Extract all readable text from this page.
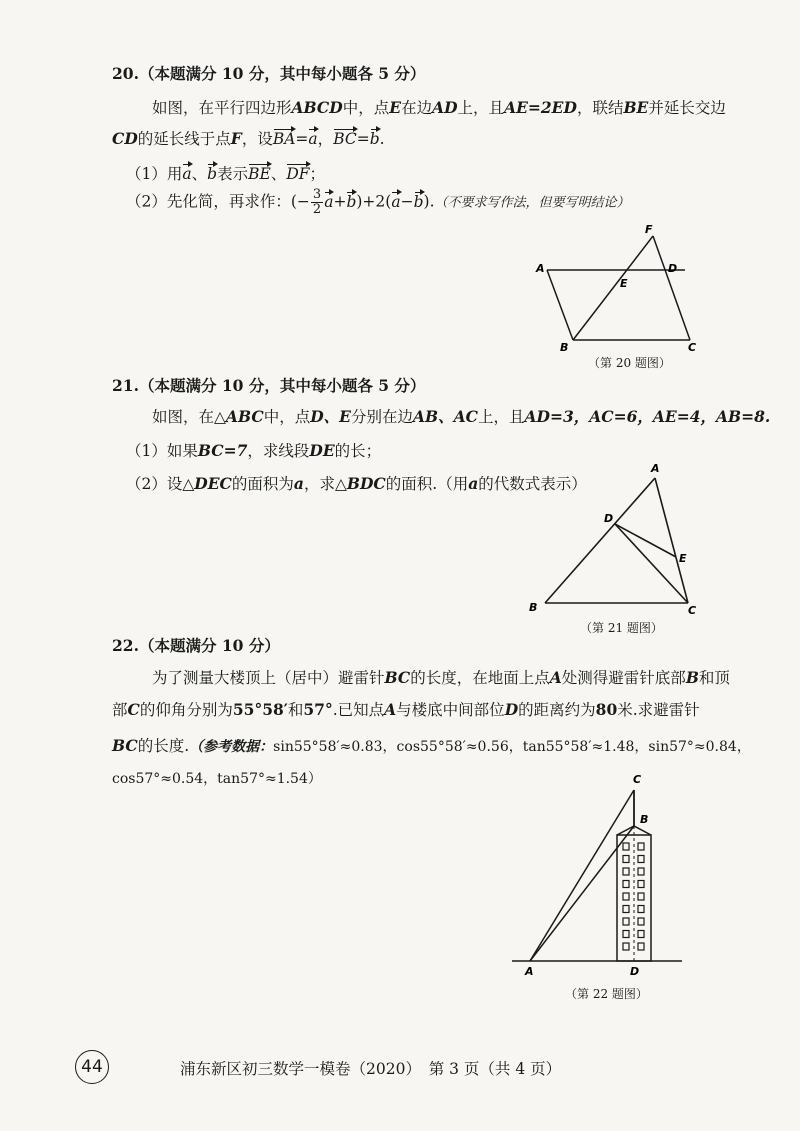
20.（本题满分 10 分，其中每小题各 5 分）
如图，在平行四边形ABCD中，点E在边AD上，且AE=2ED，联结BE并延长交边
CD的延长线于点F，设BA=a，BC=b.
（1）用a、b表示BE、DF；
（2）先化简，再求作：(− $\frac{3}{2} a+b)+2(a-b)$.（不要求写作法，但要写明结论）
A	D
E
F
B	C
（第 20 题图）
21.（本题满分 10 分，其中每小题各 5 分）
如图，在△ABC中，点D、E分别在边AB、AC上，且AD=3，AC=6，AE=4，AB=8.
（1）如果BC=7，求线段DE的长；
（2）设△DEC的面积为a，求△BDC的面积.（用a的代数式表示）
A
D
E
B	C
（第 21 题图）
22.（本题满分 10 分）
为了测量大楼顶上（居中）避雷针BC的长度，在地面上点A处测得避雷针底部B和顶
部C的仰角分别为55°58′和57°.已知点A与楼底中间部位D的距离约为80米.求避雷针
BC的长度.（参考数据：sin55°58′≈0.83，cos55°58′≈0.56，tan55°58′≈1.48，sin57°≈0.84，
cos57°≈0.54，tan57°≈1.54）	C
B
A	D
（第 22 题图）
44	浦东新区初三数学一模卷（2020）　第 3 页（共 4 页）
